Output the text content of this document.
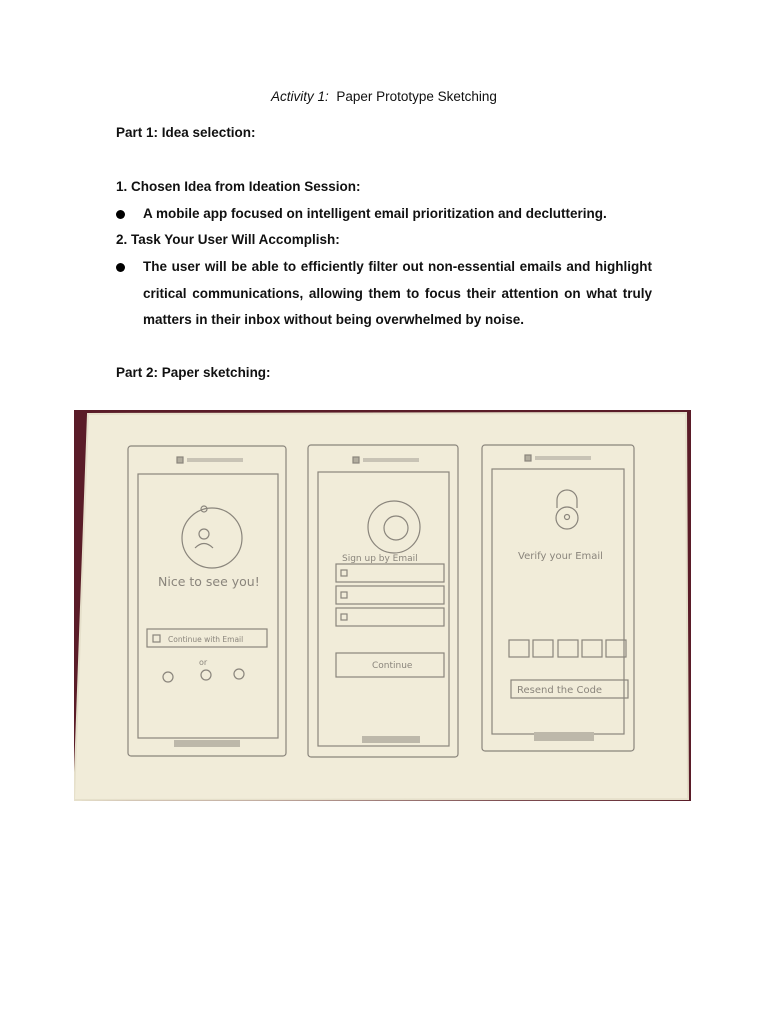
Activity 1: Paper Prototype Sketching
Part 1: Idea selection:
1. Chosen Idea from Ideation Session:
A mobile app focused on intelligent email prioritization and decluttering.
2. Task Your User Will Accomplish:
The user will be able to efficiently filter out non-essential emails and highlight critical communications, allowing them to focus their attention on what truly matters in their inbox without being overwhelmed by noise.
Part 2: Paper sketching:
Nice to see you!
Continue with Email
or
Sign up by Email
Continue
Verify your Email
Resend the Code
